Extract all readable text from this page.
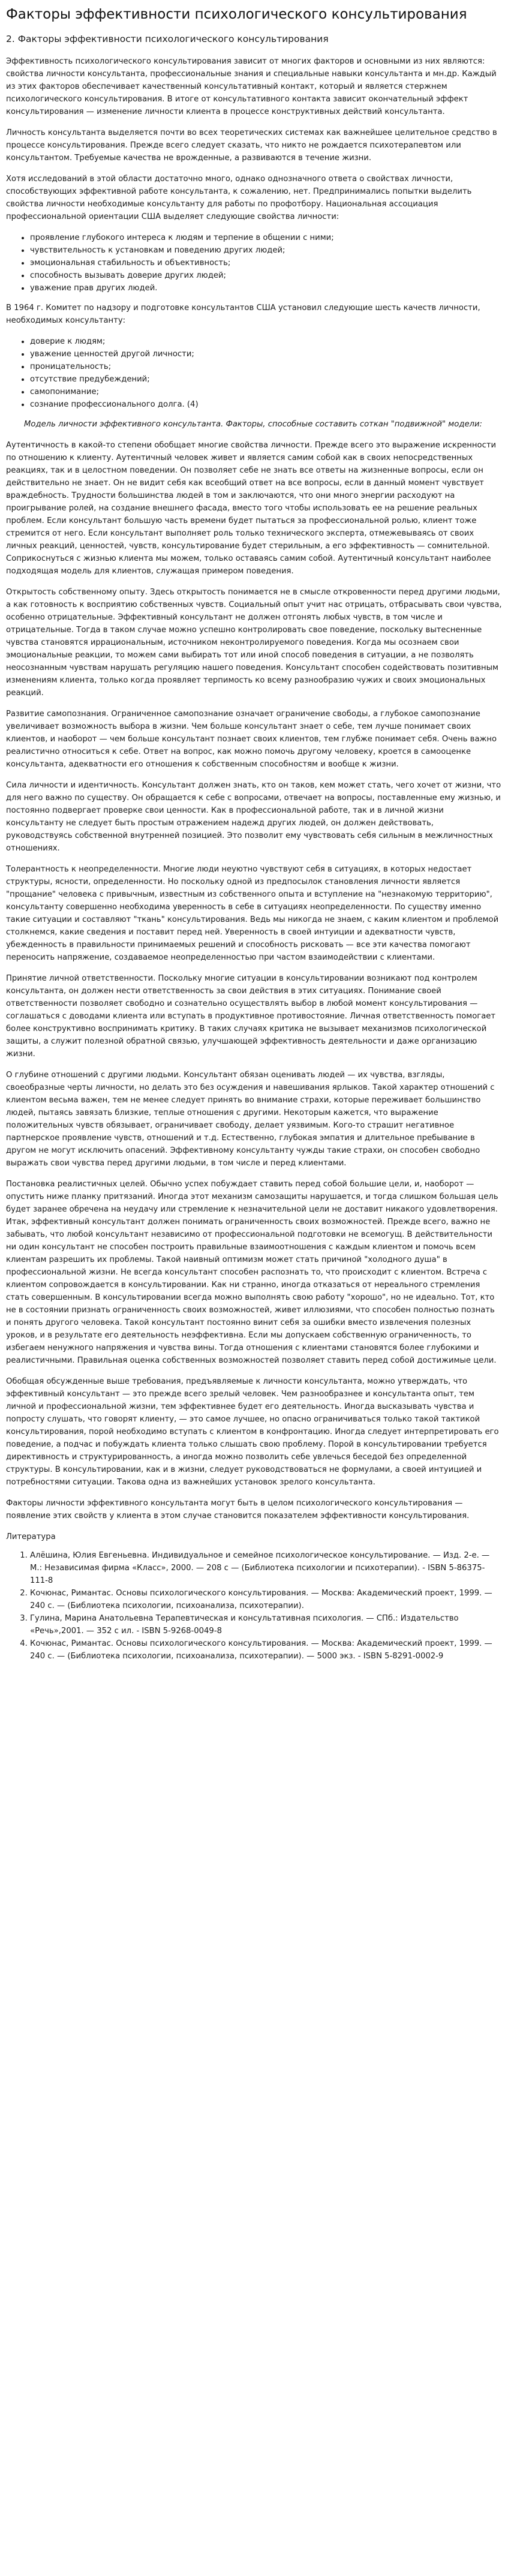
Факторы эффективности психологического консультирования
2. Факторы эффективности психологического консультирования

Эффективность психологического консультирования зависит от многих факторов и основными из них являются: свойства личности консультанта, профессиональные знания и специальные навыки консультанта и мн.др. Каждый из этих факторов обеспечивает качественный консультативный контакт, который и является стержнем психологического консультирования. В итоге от консультативного контакта зависит окончательный эффект консультирования — изменение личности клиента в процессе конструктивных действий консультанта.

Личность консультанта выделяется почти во всех теоретических системах как важнейшее целительное средство в процессе консультирования. Прежде всего следует сказать, что никто не рождается психотерапевтом или консультантом. Требуемые качества не врожденные, а развиваются в течение жизни.

Хотя исследований в этой области достаточно много, однако однозначного ответа о свойствах личности, способствующих эффективной работе консультанта, к сожалению, нет. Предпринимались попытки выделить свойства личности необходимые консультанту для работы по профотбору. Национальная ассоциация профессиональной ориентации США выделяет следующие свойства личности:

• проявление глубокого интереса к людям и терпение в общении с ними;
• чувствительность к установкам и поведению других людей;
• эмоциональная стабильность и объективность;
• способность вызывать доверие других людей;
• уважение прав других людей.

В 1964 г. Комитет по надзору и подготовке консультантов США установил следующие шесть качеств личности, необходимых консультанту:

• доверие к людям;
• уважение ценностей другой личности;
• проницательность;
• отсутствие предубеждений;
• самопонимание;
• сознание профессионального долга. (4)

Модель личности эффективного консультанта. Факторы, способные составить соткан "подвижной" модели:

Аутентичность в какой-то степени обобщает многие свойства личности. Прежде всего это выражение искренности по отношению к клиенту. Аутентичный человек живет и является самим собой как в своих непосредственных реакциях, так и в целостном поведении. Он позволяет себе не знать все ответы на жизненные вопросы, если он действительно не знает. Он не видит себя как всеобщий ответ на все вопросы, если в данный момент чувствует враждебность. Трудности большинства людей в том и заключаются, что они много энергии расходуют на проигрывание ролей, на создание внешнего фасада, вместо того чтобы использовать ее на решение реальных проблем. Если консультант большую часть времени будет пытаться за профессиональной ролью, клиент тоже стремится от него. Если консультант выполняет роль только технического эксперта, отмежевываясь от своих личных реакций, ценностей, чувств, консультирование будет стерильным, а его эффективность — сомнительной. Соприкоснуться с жизнью клиента мы можем, только оставаясь самим собой. Аутентичный консультант наиболее подходящая модель для клиентов, служащая примером поведения.

Открытость собственному опыту. Здесь открытость понимается не в смысле откровенности перед другими людьми, а как готовность к восприятию собственных чувств. Социальный опыт учит нас отрицать, отбрасывать свои чувства, особенно отрицательные. Эффективный консультант не должен отгонять любых чувств, в том числе и отрицательные. Тогда в таком случае можно успешно контролировать свое поведение, поскольку вытесненные чувства становятся иррациональным, источником неконтролируемого поведения. Когда мы осознаем свои эмоциональные реакции, то можем сами выбирать тот или иной способ поведения в ситуации, а не позволять неосознанным чувствам нарушать регуляцию нашего поведения. Консультант способен содействовать позитивным изменениям клиента, только когда проявляет терпимость ко всему разнообразию чужих и своих эмоциональных реакций.

Развитие самопознания. Ограниченное самопознание означает ограничение свободы, а глубокое самопознание увеличивает возможность выбора в жизни. Чем больше консультант знает о себе, тем лучше понимает своих клиентов, и наоборот — чем больше консультант познает своих клиентов, тем глубже понимает себя. Очень важно реалистично относиться к себе. Ответ на вопрос, как можно помочь другому человеку, кроется в самооценке консультанта, адекватности его отношения к собственным способностям и вообще к жизни.

Сила личности и идентичность. Консультант должен знать, кто он таков, кем может стать, чего хочет от жизни, что для него важно по существу. Он обращается к себе с вопросами, отвечает на вопросы, поставленные ему жизнью, и постоянно подвергает проверке свои ценности. Как в профессиональной работе, так и в личной жизни консультанту не следует быть простым отражением надежд других людей, он должен действовать, руководствуясь собственной внутренней позицией. Это позволит ему чувствовать себя сильным в межличностных отношениях.

Толерантность к неопределенности. Многие люди неуютно чувствуют себя в ситуациях, в которых недостает структуры, ясности, определенности. Но поскольку одной из предпосылок становления личности является "прощание" человека с привычным, известным из собственного опыта и вступление на "незнакомую территорию", консультанту совершенно необходима уверенность в себе в ситуациях неопределенности. По существу именно такие ситуации и составляют "ткань" консультирования. Ведь мы никогда не знаем, с каким клиентом и проблемой столкнемся, какие сведения и поставит перед ней. Уверенность в своей интуиции и адекватности чувств, убежденность в правильности принимаемых решений и способность рисковать — все эти качества помогают переносить напряжение, создаваемое неопределенностью при частом взаимодействии с клиентами.

Принятие личной ответственности. Поскольку многие ситуации в консультировании возникают под контролем консультанта, он должен нести ответственность за свои действия в этих ситуациях. Понимание своей ответственности позволяет свободно и сознательно осуществлять выбор в любой момент консультирования — соглашаться с доводами клиента или вступать в продуктивное противостояние. Личная ответственность помогает более конструктивно воспринимать критику. В таких случаях критика не вызывает механизмов психологической защиты, а служит полезной обратной связью, улучшающей эффективность деятельности и даже организацию жизни.

О глубине отношений с другими людьми. Консультант обязан оценивать людей — их чувства, взгляды, своеобразные черты личности, но делать это без осуждения и навешивания ярлыков. Такой характер отношений с клиентом весьма важен, тем не менее следует принять во внимание страхи, которые переживает большинство людей, пытаясь завязать близкие, теплые отношения с другими. Некоторым кажется, что выражение положительных чувств обязывает, ограничивает свободу, делает уязвимым. Кого-то страшит негативное партнерское проявление чувств, отношений и т.д. Естественно, глубокая эмпатия и длительное пребывание в другом не могут исключить опасений. Эффективному консультанту чужды такие страхи, он способен свободно выражать свои чувства перед другими людьми, в том числе и перед клиентами.

Постановка реалистичных целей. Обычно успех побуждает ставить перед собой большие цели, и, наоборот — опустить ниже планку притязаний. Иногда этот механизм самозащиты нарушается, и тогда слишком большая цель будет заранее обречена на неудачу или стремление к незначительной цели не доставит никакого удовлетворения. Итак, эффективный консультант должен понимать ограниченность своих возможностей. Прежде всего, важно не забывать, что любой консультант независимо от профессиональной подготовки не всемогущ. В действительности ни один консультант не способен построить правильные взаимоотношения с каждым клиентом и помочь всем клиентам разрешить их проблемы. Такой наивный оптимизм может стать причиной "холодного душа" в профессиональной жизни. Не всегда консультант способен распознать то, что происходит с клиентом. Встреча с клиентом сопровождается в консультировании. Как ни странно, иногда отказаться от нереального стремления стать совершенным. В консультировании всегда можно выполнять свою работу "хорошо", но не идеально. Тот, кто не в состоянии признать ограниченность своих возможностей, живет иллюзиями, что способен полностью познать и понять другого человека. Такой консультант постоянно винит себя за ошибки вместо извлечения полезных уроков, и в результате его деятельность неэффективна. Если мы допускаем собственную ограниченность, то избегаем ненужного напряжения и чувства вины. Тогда отношения с клиентами становятся более глубокими и реалистичными. Правильная оценка собственных возможностей позволяет ставить перед собой достижимые цели.

Обобщая обсужденные выше требования, предъявляемые к личности консультанта, можно утверждать, что эффективный консультант — это прежде всего зрелый человек. Чем разнообразнее и консультанта опыт, тем личной и профессиональной жизни, тем эффективнее будет его деятельность. Иногда высказывать чувства и попросту слушать, что говорят клиенту, — это самое лучшее, но опасно ограничиваться только такой тактикой консультирования, порой необходимо вступать с клиентом в конфронтацию. Иногда следует интерпретировать его поведение, а подчас и побуждать клиента только слышать свою проблему. Порой в консультировании требуется директивность и структурированность, а иногда можно позволить себе увлечься беседой без определенной структуры. В консультировании, как и в жизни, следует руководствоваться не формулами, а своей интуицией и потребностями ситуации. Такова одна из важнейших установок зрелого консультанта.

Факторы личности эффективного консультанта могут быть в целом психологического консультирования — появление этих свойств у клиента в этом случае становится показателем эффективности консультирования.

Литература

1. Алёшина, Юлия Евгеньевна. Индивидуальное и семейное психологическое консультирование. — Изд. 2-е. — М.: Независимая фирма «Класс», 2000. — 208 с — (Библиотека психологии и психотерапии). - ISBN 5-86375-111-8
2. Кочюнас, Римантас. Основы психологического консультирования. — Москва: Академический проект, 1999. — 240 с. — (Библиотека психологии, психоанализа, психотерапии).
3. Гулина, Марина Анатольевна Терапевтическая и консультативная психология. — СПб.: Издательство «Речь»,2001. — 352 с ил. - ISBN 5-9268-0049-8
4. Кочюнас, Римантас. Основы психологического консультирования. — Москва: Академический проект, 1999. — 240 с. — (Библиотека психологии, психоанализа, психотерапии). — 5000 экз. - ISBN 5-8291-0002-9
